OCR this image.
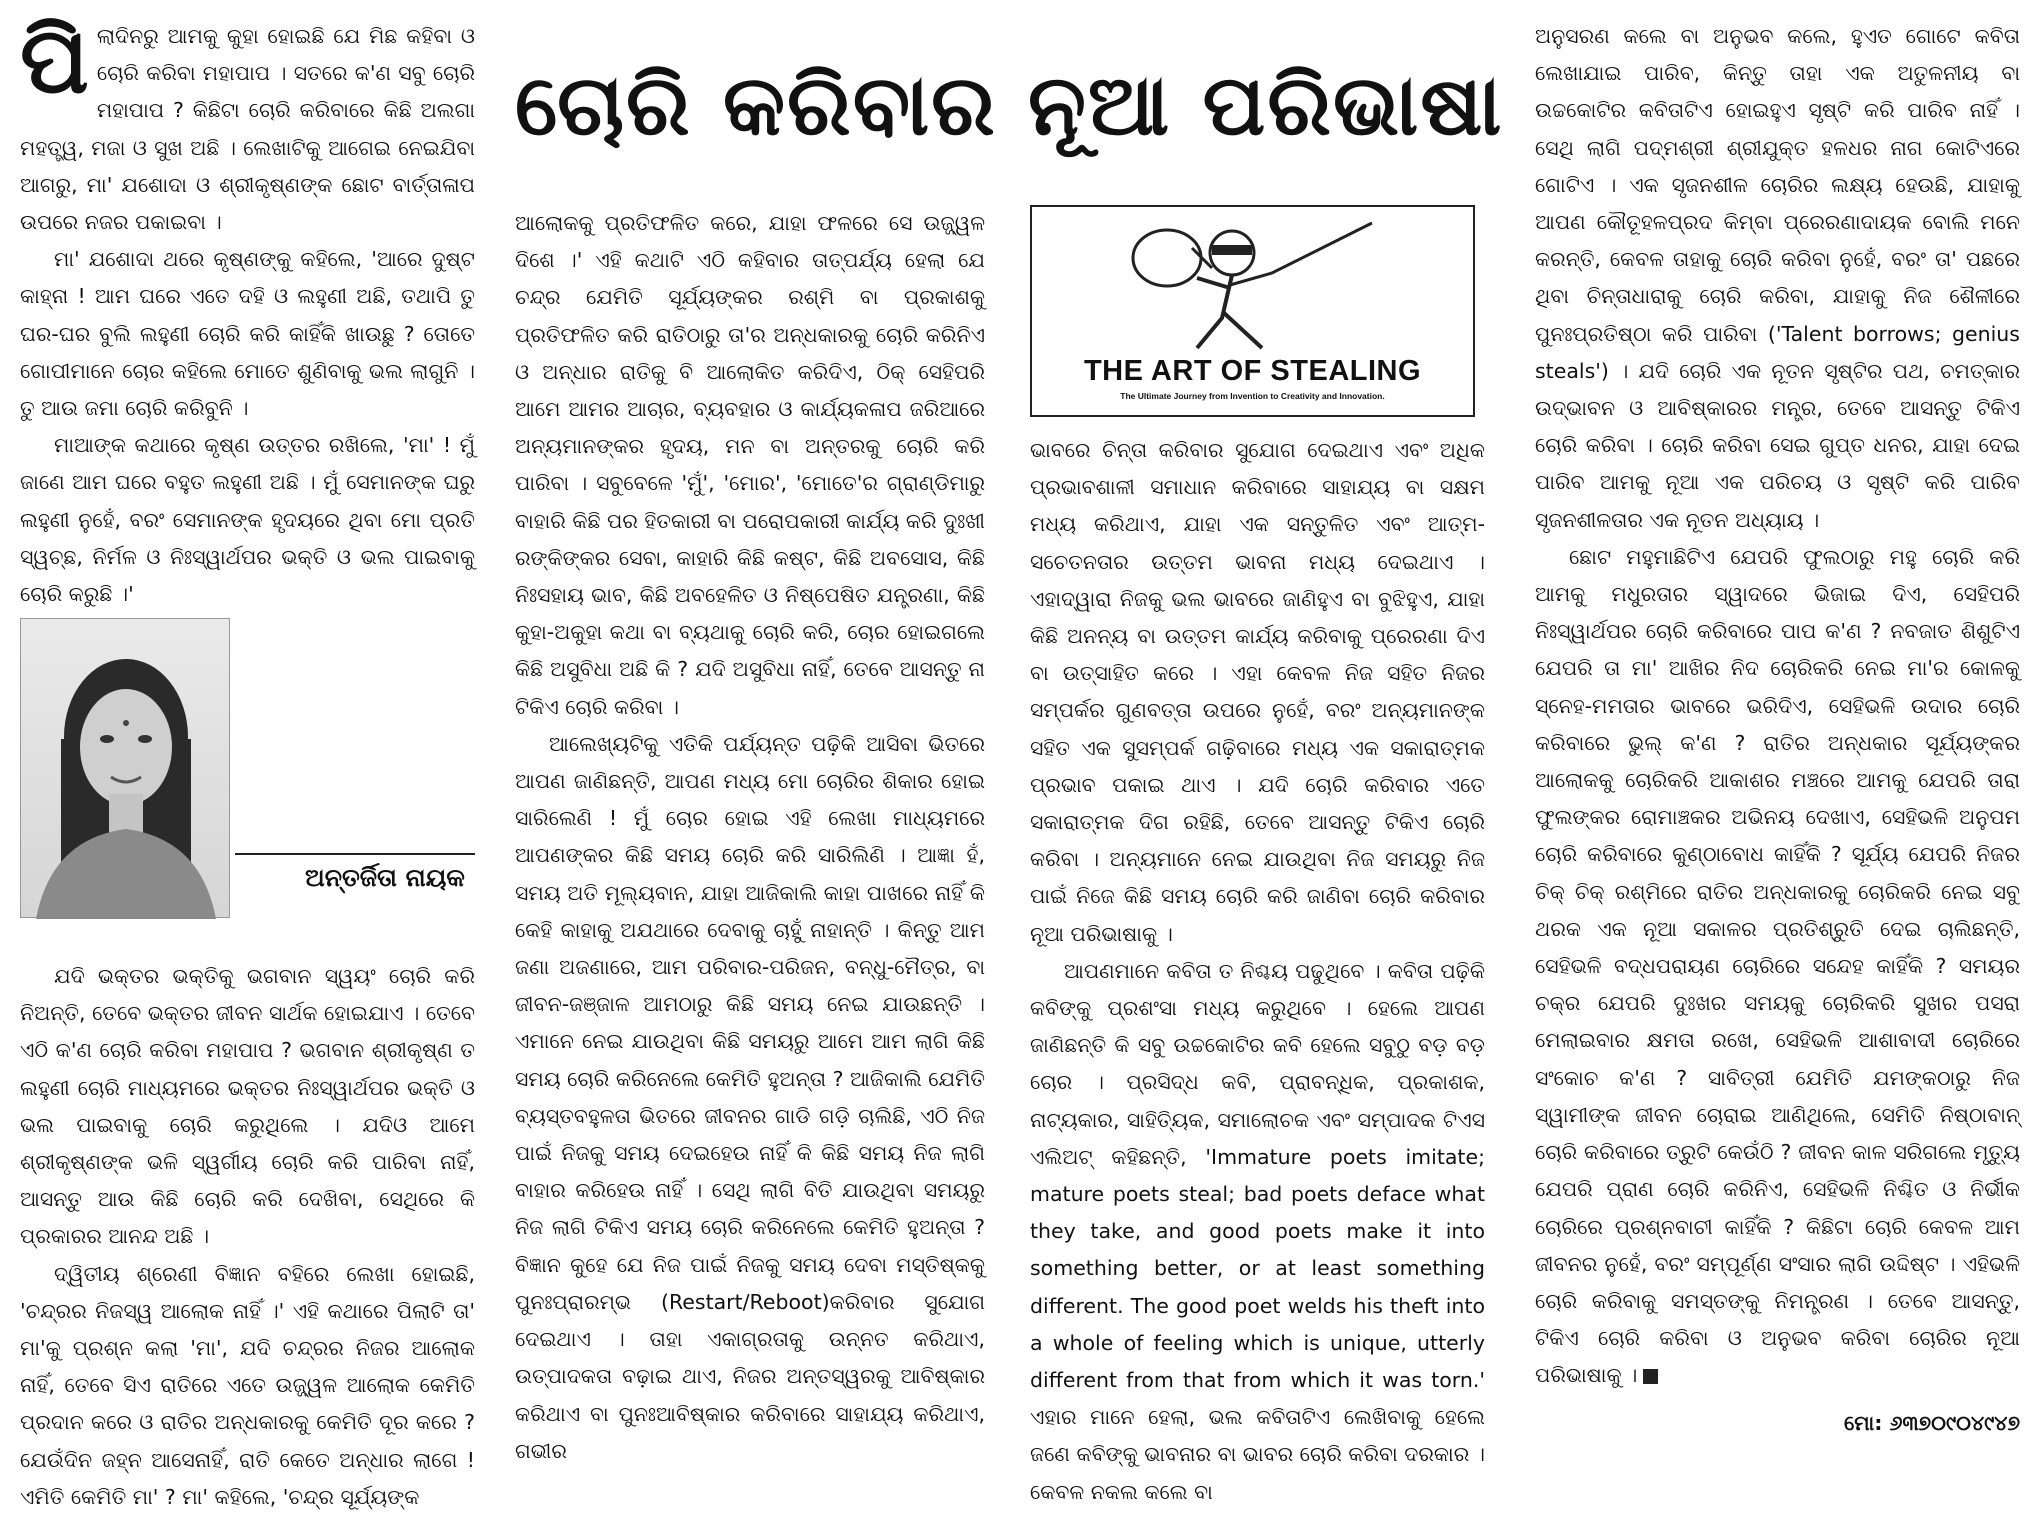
ଚୋରି କରିବାର ନୂଆ ପରିଭାଷା

ପିଲାଦିନରୁ ଆମକୁ କୁହା ହୋଇଛି ଯେ ମିଛ କହିବା ଓ ଚୋରି କରିବା ମହାପାପ । ସତରେ କ'ଣ ସବୁ ଚୋରି ମହାପାପ ? କିଛିଟା ଚୋରି କରିବାରେ କିଛି ଅଲଗା ମହତ୍ତ୍ୱ, ମଜା ଓ ସୁଖ ଅଛି । ଲେଖାଟିକୁ ଆଗେଇ ନେଇଯିବା ଆଗରୁ, ମା' ଯଶୋଦା ଓ ଶ୍ରୀକୃଷ୍ଣଙ୍କ ଛୋଟ ବାର୍ତ୍ତାଳାପ ଉପରେ ନଜର ପକାଇବା ।

ମା' ଯଶୋଦା ଥରେ କୃଷ୍ଣଙ୍କୁ କହିଲେ, 'ଆରେ ଦୁଷ୍ଟ କାହ୍ନା ! ଆମ ଘରେ ଏତେ ଦହି ଓ ଲହୁଣୀ ଅଛି, ତଥାପି ତୁ ଘର-ଘର ବୁଲି ଲହୁଣୀ ଚୋରି କରି କାହିଁକି ଖାଉଛୁ ? ତୋତେ ଗୋପୀମାନେ ଚୋର କହିଲେ ମୋତେ ଶୁଣିବାକୁ ଭଲ ଲାଗୁନି । ତୁ ଆଉ ଜମା ଚୋରି କରିବୁନି ।

ମାଆଙ୍କ କଥାରେ କୃଷ୍ଣ ଉତ୍ତର ରଖିଲେ, 'ମା' ! ମୁଁ ଜାଣେ ଆମ ଘରେ ବହୁତ ଲହୁଣୀ ଅଛି । ମୁଁ ସେମାନଙ୍କ ଘରୁ ଲହୁଣୀ ନୁହେଁ, ବରଂ ସେମାନଙ୍କ ହୃଦୟରେ ଥିବା ମୋ ପ୍ରତି ସ୍ୱଚ୍ଛ, ନିର୍ମଳ ଓ ନିଃସ୍ୱାର୍ଥପର ଭକ୍ତି ଓ ଭଲ ପାଇବାକୁ ଚୋରି କରୁଛି ।'

ଅନ୍ତର୍ଜିତା ନାୟକ

ଯଦି ଭକ୍ତର ଭକ୍ତିକୁ ଭଗବାନ ସ୍ୱୟଂ ଚୋରି କରି ନିଅନ୍ତି, ତେବେ ଭକ୍ତର ଜୀବନ ସାର୍ଥକ ହୋଇଯାଏ । ତେବେ ଏଠି କ'ଣ ଚୋରି କରିବା ମହାପାପ ? ଭଗବାନ ଶ୍ରୀକୃଷ୍ଣ ତ ଲହୁଣୀ ଚୋରି ମାଧ୍ୟମରେ ଭକ୍ତର ନିଃସ୍ୱାର୍ଥପର ଭକ୍ତି ଓ ଭଲ ପାଇବାକୁ ଚୋରି କରୁଥିଲେ । ଯଦିଓ ଆମେ ଶ୍ରୀକୃଷ୍ଣଙ୍କ ଭଳି ସ୍ୱର୍ଗୀୟ ଚୋରି କରି ପାରିବା ନାହିଁ, ଆସନ୍ତୁ ଆଉ କିଛି ଚୋରି କରି ଦେଖିବା, ସେଥିରେ କି ପ୍ରକାରର ଆନନ୍ଦ ଅଛି ।

ଦ୍ୱିତୀୟ ଶ୍ରେଣୀ ବିଜ୍ଞାନ ବହିରେ ଲେଖା ହୋଇଛି, 'ଚନ୍ଦ୍ରର ନିଜସ୍ୱ ଆଲୋକ ନାହିଁ ।' ଏହି କଥାରେ ପିଲାଟି ତା' ମା'କୁ ପ୍ରଶ୍ନ କଲା 'ମା', ଯଦି ଚନ୍ଦ୍ରର ନିଜର ଆଲୋକ ନାହିଁ, ତେବେ ସିଏ ରାତିରେ ଏତେ ଉଜ୍ଜ୍ୱଳ ଆଲୋକ କେମିତି ପ୍ରଦାନ କରେ ଓ ରାତିର ଅନ୍ଧକାରକୁ କେମିତି ଦୂର କରେ ? ଯେଉଁଦିନ ଜହ୍ନ ଆସେନାହିଁ, ରାତି କେତେ ଅନ୍ଧାର ଲାଗେ ! ଏମିତି କେମିତି ମା' ? ମା' କହିଲେ, 'ଚନ୍ଦ୍ର ସୂର୍ଯ୍ୟଙ୍କ

ଆଲୋକକୁ ପ୍ରତିଫଳିତ କରେ, ଯାହା ଫଳରେ ସେ ଉଜ୍ଜ୍ୱଳ ଦିଶେ ।' ଏହି କଥାଟି ଏଠି କହିବାର ତାତ୍ପର୍ଯ୍ୟ ହେଲା ଯେ ଚନ୍ଦ୍ର ଯେମିତି ସୂର୍ଯ୍ୟଙ୍କର ରଶ୍ମି ବା ପ୍ରକାଶକୁ ପ୍ରତିଫଳିତ କରି ରାତିଠାରୁ ତା'ର ଅନ୍ଧକାରକୁ ଚୋରି କରିନିଏ ଓ ଅନ୍ଧାର ରାତିକୁ ବି ଆଲୋକିତ କରିଦିଏ, ଠିକ୍ ସେହିପରି ଆମେ ଆମର ଆଚାର, ବ୍ୟବହାର ଓ କାର୍ଯ୍ୟକଳାପ ଜରିଆରେ ଅନ୍ୟମାନଙ୍କର ହୃଦୟ, ମନ ବା ଅନ୍ତରକୁ ଚୋରି କରି ପାରିବା । ସବୁବେଳେ 'ମୁଁ', 'ମୋର', 'ମୋତେ'ର ଗ୍ରାଣ୍ଡିମାରୁ ବାହାରି କିଛି ପର ହିତକାରୀ ବା ପରୋପକାରୀ କାର୍ଯ୍ୟ କରି ଦୁଃଖୀ ରଙ୍କିଙ୍କର ସେବା, କାହାରି କିଛି କଷ୍ଟ, କିଛି ଅବସୋସ, କିଛି ନିଃସହାୟ ଭାବ, କିଛି ଅବହେଳିତ ଓ ନିଷ୍ପେଷିତ ଯନ୍ତ୍ରଣା, କିଛି କୁହା-ଅକୁହା କଥା ବା ବ୍ୟଥାକୁ ଚୋରି କରି, ଚୋର ହୋଇଗଲେ କିଛି ଅସୁବିଧା ଅଛି କି ? ଯଦି ଅସୁବିଧା ନାହିଁ, ତେବେ ଆସନ୍ତୁ ନା ଟିକିଏ ଚୋରି କରିବା ।

ଆଲେଖ୍ୟଟିକୁ ଏତିକି ପର୍ଯ୍ୟନ୍ତ ପଢ଼ିକି ଆସିବା ଭିତରେ ଆପଣ ଜାଣିଛନ୍ତି, ଆପଣ ମଧ୍ୟ ମୋ ଚୋରିର ଶିକାର ହୋଇ ସାରିଲେଣି ! ମୁଁ ଚୋର ହୋଇ ଏହି ଲେଖା ମାଧ୍ୟମରେ ଆପଣଙ୍କର କିଛି ସମୟ ଚୋରି କରି ସାରିଲିଣି । ଆଜ୍ଞା ହଁ, ସମୟ ଅତି ମୂଲ୍ୟବାନ, ଯାହା ଆଜିକାଲି କାହା ପାଖରେ ନାହିଁ କି କେହି କାହାକୁ ଅଯଥାରେ ଦେବାକୁ ଚାହୁଁ ନାହାନ୍ତି । କିନ୍ତୁ ଆମ ଜଣା ଅଜଣାରେ, ଆମ ପରିବାର-ପରିଜନ, ବନ୍ଧୁ-ମୈତ୍ର, ବା ଜୀବନ-ଜଞ୍ଜାଳ ଆମଠାରୁ କିଛି ସମୟ ନେଇ ଯାଉଛନ୍ତି । ଏମାନେ ନେଇ ଯାଉଥିବା କିଛି ସମୟରୁ ଆମେ ଆମ ଲାଗି କିଛି ସମୟ ଚୋରି କରିନେଲେ କେମିତି ହୁଅନ୍ତା ? ଆଜିକାଲି ଯେମିତି ବ୍ୟସ୍ତବହୁଳତା ଭିତରେ ଜୀବନର ଗାଡି ଗଡ଼ି ଚାଲିଛି, ଏଠି ନିଜ ପାଇଁ ନିଜକୁ ସମୟ ଦେଇହେଉ ନାହିଁ କି କିଛି ସମୟ ନିଜ ଲାଗି ବାହାର କରିହେଉ ନାହିଁ । ସେଥି ଲାଗି ବିତି ଯାଉଥିବା ସମୟରୁ ନିଜ ଲାଗି ଟିକିଏ ସମୟ ଚୋରି କରିନେଲେ କେମିତି ହୁଅନ୍ତା ? ବିଜ୍ଞାନ କୁହେ ଯେ ନିଜ ପାଇଁ ନିଜକୁ ସମୟ ଦେବା ମସ୍ତିଷ୍କକୁ ପୁନଃପ୍ରାରମ୍ଭ (Restart/Reboot)କରିବାର ସୁଯୋଗ ଦେଇଥାଏ । ତାହା ଏକାଗ୍ରତାକୁ ଉନ୍ନତ କରିଥାଏ, ଉତ୍ପାଦକତା ବଢ଼ାଇ ଥାଏ, ନିଜର ଅନ୍ତସ୍ୱରକୁ ଆବିଷ୍କାର କରିଥାଏ ବା ପୁନଃଆବିଷ୍କାର କରିବାରେ ସାହାଯ୍ୟ କରିଥାଏ, ଗଭୀର

THE ART OF STEALING
The Ultimate Journey from Invention to Creativity and Innovation.

ଭାବରେ ଚିନ୍ତା କରିବାର ସୁଯୋଗ ଦେଇଥାଏ ଏବଂ ଅଧିକ ପ୍ରଭାବଶାଳୀ ସମାଧାନ କରିବାରେ ସାହାଯ୍ୟ ବା ସକ୍ଷମ ମଧ୍ୟ କରିଥାଏ, ଯାହା ଏକ ସନ୍ତୁଳିତ ଏବଂ ଆତ୍ମ-ସଚେତନତାର ଉତ୍ତମ ଭାବନା ମଧ୍ୟ ଦେଇଥାଏ । ଏହାଦ୍ୱାରା ନିଜକୁ ଭଲ ଭାବରେ ଜାଣିହୁଏ ବା ବୁଝିହୁଏ, ଯାହା କିଛି ଅନନ୍ୟ ବା ଉତ୍ତମ କାର୍ଯ୍ୟ କରିବାକୁ ପ୍ରେରଣା ଦିଏ ବା ଉତ୍ସାହିତ କରେ । ଏହା କେବଳ ନିଜ ସହିତ ନିଜର ସମ୍ପର୍କର ଗୁଣବତ୍ତା ଉପରେ ନୁହେଁ, ବରଂ ଅନ୍ୟମାନଙ୍କ ସହିତ ଏକ ସୁସମ୍ପର୍କ ଗଢ଼ିବାରେ ମଧ୍ୟ ଏକ ସକାରାତ୍ମକ ପ୍ରଭାବ ପକାଇ ଥାଏ । ଯଦି ଚୋରି କରିବାର ଏତେ ସକାରାତ୍ମକ ଦିଗ ରହିଛି, ତେବେ ଆସନ୍ତୁ ଟିକିଏ ଚୋରି କରିବା । ଅନ୍ୟମାନେ ନେଇ ଯାଉଥିବା ନିଜ ସମୟରୁ ନିଜ ପାଇଁ ନିଜେ କିଛି ସମୟ ଚୋରି କରି ଜାଣିବା ଚୋରି କରିବାର ନୂଆ ପରିଭାଷାକୁ ।

ଆପଣମାନେ କବିତା ତ ନିଶ୍ଚୟ ପଢୁଥିବେ । କବିତା ପଢ଼ିକି କବିଙ୍କୁ ପ୍ରଶଂସା ମଧ୍ୟ କରୁଥିବେ । ହେଲେ ଆପଣ ଜାଣିଛନ୍ତି କି ସବୁ ଉଚ୍ଚକୋଟିର କବି ହେଲେ ସବୁଠୁ ବଡ଼ ବଡ଼ ଚୋର । ପ୍ରସିଦ୍ଧ କବି, ପ୍ରାବନ୍ଧିକ, ପ୍ରକାଶକ, ନାଟ୍ୟକାର, ସାହିତ୍ୟିକ, ସମାଲୋଚକ ଏବଂ ସମ୍ପାଦକ ଟିଏସ ଏଲିଅଟ୍ କହିଛନ୍ତି, 'Immature poets imitate; mature poets steal; bad poets deface what they take, and good poets make it into something better, or at least something different. The good poet welds his theft into a whole of feeling which is unique, utterly different from that from which it was torn.' ଏହାର ମାନେ ହେଲା, ଭଲ କବିତାଟିଏ ଲେଖିବାକୁ ହେଲେ ଜଣେ କବିଙ୍କୁ ଭାବନାର ବା ଭାବର ଚୋରି କରିବା ଦରକାର । କେବଳ ନକଲ କଲେ ବା

ଅନୁସରଣ କଲେ ବା ଅନୁଭବ କଲେ, ହୁଏତ ଗୋଟେ କବିତା ଲେଖାଯାଇ ପାରିବ, କିନ୍ତୁ ତାହା ଏକ ଅତୁଳନୀୟ ବା ଉଚ୍ଚକୋଟିର କବିତାଟିଏ ହୋଇହୁଏ ସୃଷ୍ଟି କରି ପାରିବ ନାହିଁ । ସେଥି ଲାଗି ପଦ୍ମଶ୍ରୀ ଶ୍ରୀଯୁକ୍ତ ହଳଧର ନାଗ କୋଟିଏରେ ଗୋଟିଏ । ଏକ ସୃଜନଶୀଳ ଚୋରିର ଲକ୍ଷ୍ୟ ହେଉଛି, ଯାହାକୁ ଆପଣ କୌତୂହଳପ୍ରଦ କିମ୍ବା ପ୍ରେରଣାଦାୟକ ବୋଲି ମନେ କରନ୍ତି, କେବଳ ତାହାକୁ ଚୋରି କରିବା ନୁହେଁ, ବରଂ ତା' ପଛରେ ଥିବା ଚିନ୍ତାଧାରାକୁ ଚୋରି କରିବା, ଯାହାକୁ ନିଜ ଶୈଳୀରେ ପୁନଃପ୍ରତିଷ୍ଠା କରି ପାରିବା ('Talent borrows; genius steals') । ଯଦି ଚୋରି ଏକ ନୂତନ ସୃଷ୍ଟିର ପଥ, ଚମତ୍କାର ଉଦ୍ଭାବନ ଓ ଆବିଷ୍କାରର ମନ୍ତ୍ର, ତେବେ ଆସନ୍ତୁ ଟିକିଏ ଚୋରି କରିବା । ଚୋରି କରିବା ସେଇ ଗୁପ୍ତ ଧନର, ଯାହା ଦେଇ ପାରିବ ଆମକୁ ନୂଆ ଏକ ପରିଚୟ ଓ ସୃଷ୍ଟି କରି ପାରିବ ସୃଜନଶୀଳତାର ଏକ ନୂତନ ଅଧ୍ୟାୟ ।

ଛୋଟ ମହୁମାଛିଟିଏ ଯେପରି ଫୁଲଠାରୁ ମହୁ ଚୋରି କରି ଆମକୁ ମଧୁରତାର ସ୍ୱାଦରେ ଭିଜାଇ ଦିଏ, ସେହିପରି ନିଃସ୍ୱାର୍ଥପର ଚୋରି କରିବାରେ ପାପ କ'ଣ ? ନବଜାତ ଶିଶୁଟିଏ ଯେପରି ତା ମା' ଆଖିର ନିଦ ଚୋରିକରି ନେଇ ମା'ର କୋଳକୁ ସ୍ନେହ-ମମତାର ଭାବରେ ଭରିଦିଏ, ସେହିଭଳି ଉଦାର ଚୋରି କରିବାରେ ଭୁଲ୍ କ'ଣ ? ରାତିର ଅନ୍ଧକାର ସୂର୍ଯ୍ୟଙ୍କର ଆଲୋକକୁ ଚୋରିକରି ଆକାଶର ମଞ୍ଚରେ ଆମକୁ ଯେପରି ତାରା ଫୁଲଙ୍କର ରୋମାଞ୍ଚକର ଅଭିନୟ ଦେଖାଏ, ସେହିଭଳି ଅନୁପମ ଚୋରି କରିବାରେ କୁଣ୍ଠାବୋଧ କାହିଁକି ? ସୂର୍ଯ୍ୟ ଯେପରି ନିଜର ଚିକ୍ ଚିକ୍ ରଶ୍ମିରେ ରାତିର ଅନ୍ଧକାରକୁ ଚୋରିକରି ନେଇ ସବୁ ଥରକ ଏକ ନୂଆ ସକାଳର ପ୍ରତିଶ୍ରୁତି ଦେଇ ଚାଲିଛନ୍ତି, ସେହିଭଳି ବଦ୍ଧପରାୟଣ ଚୋରିରେ ସନ୍ଦେହ କାହିଁକି ? ସମୟର ଚକ୍ର ଯେପରି ଦୁଃଖର ସମୟକୁ ଚୋରିକରି ସୁଖର ପସରା ମେଲାଇବାର କ୍ଷମତା ରଖେ, ସେହିଭଳି ଆଶାବାଦୀ ଚୋରିରେ ସଂକୋଚ କ'ଣ ? ସାବିତ୍ରୀ ଯେମିତି ଯମଙ୍କଠାରୁ ନିଜ ସ୍ୱାମୀଙ୍କ ଜୀବନ ଚୋରାଇ ଆଣିଥିଲେ, ସେମିତି ନିଷ୍ଠାବାନ୍ ଚୋରି କରିବାରେ ତ୍ରୁଟି କେଉଁଠି ? ଜୀବନ କାଳ ସରିଗଲେ ମୃତ୍ୟୁ ଯେପରି ପ୍ରାଣ ଚୋରି କରିନିଏ, ସେହିଭଳି ନିଶ୍ଚିତ ଓ ନିର୍ଭୀକ ଚୋରିରେ ପ୍ରଶ୍ନବାଚୀ କାହିଁକି ? କିଛିଟା ଚୋରି କେବଳ ଆମ ଜୀବନର ନୁହେଁ, ବରଂ ସମ୍ପୂର୍ଣ୍ଣ ସଂସାର ଲାଗି ଉଦ୍ଦିଷ୍ଟ । ଏହିଭଳି ଚୋରି କରିବାକୁ ସମସ୍ତଙ୍କୁ ନିମନ୍ତ୍ରଣ । ତେବେ ଆସନ୍ତୁ, ଟିକିଏ ଚୋରି କରିବା ଓ ଅନୁଭବ କରିବା ଚୋରିର ନୂଆ ପରିଭାଷାକୁ ।

ମୋ: ୬୩୭୦୯୦୪୯୪୭
